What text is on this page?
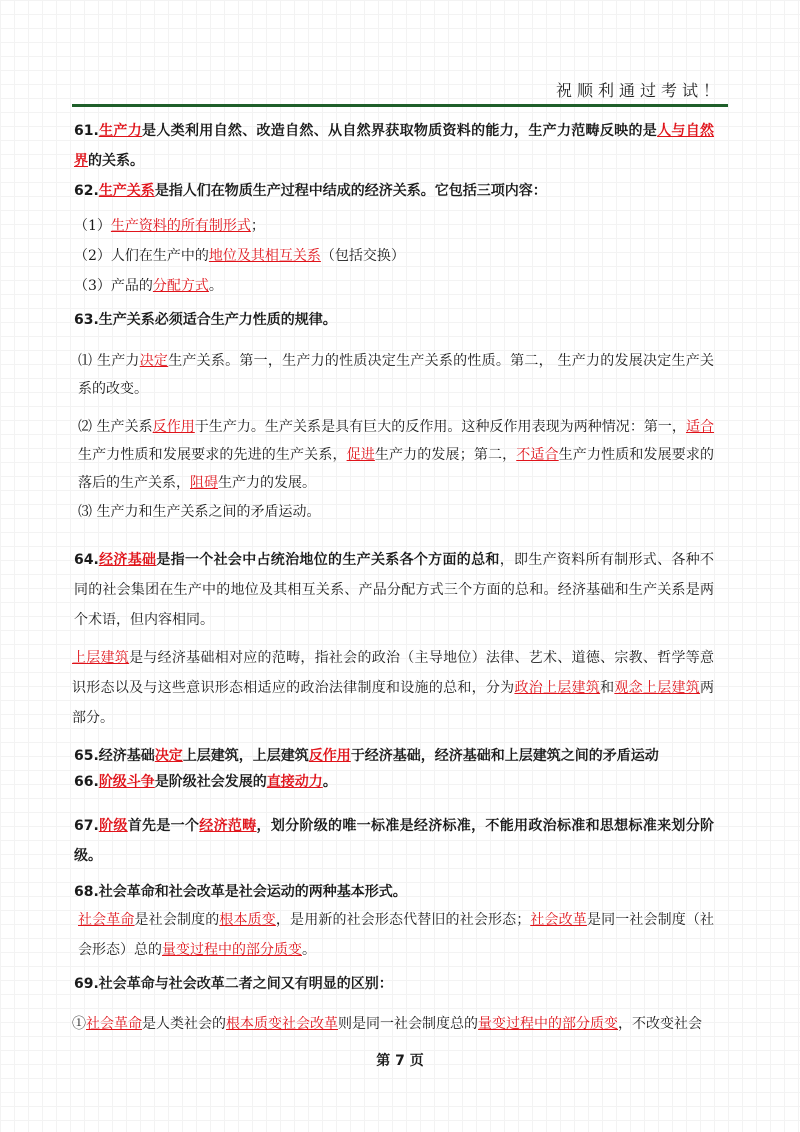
祝顺利通过考试！

61.生产力是人类利用自然、改造自然、从自然界获取物质资料的能力，生产力范畴反映的是人与自然界的关系。

62.生产关系是指人们在物质生产过程中结成的经济关系。它包括三项内容：

（1）生产资料的所有制形式；

（2）人们在生产中的地位及其相互关系（包括交换）

（3）产品的分配方式。

63.生产关系必须适合生产力性质的规律。

⑴ 生产力决定生产关系。第一，生产力的性质决定生产关系的性质。第二， 生产力的发展决定生产关系的改变。

⑵ 生产关系反作用于生产力。生产关系是具有巨大的反作用。这种反作用表现为两种情况：第一，适合生产力性质和发展要求的先进的生产关系，促进生产力的发展；第二，不适合生产力性质和发展要求的落后的生产关系，阻碍生产力的发展。

⑶ 生产力和生产关系之间的矛盾运动。

64.经济基础是指一个社会中占统治地位的生产关系各个方面的总和，即生产资料所有制形式、各种不同的社会集团在生产中的地位及其相互关系、产品分配方式三个方面的总和。经济基础和生产关系是两个术语，但内容相同。

上层建筑是与经济基础相对应的范畴，指社会的政治（主导地位）法律、艺术、道德、宗教、哲学等意识形态以及与这些意识形态相适应的政治法律制度和设施的总和，分为政治上层建筑和观念上层建筑两部分。

65.经济基础决定上层建筑，上层建筑反作用于经济基础，经济基础和上层建筑之间的矛盾运动

66.阶级斗争是阶级社会发展的直接动力。

67.阶级首先是一个经济范畴，划分阶级的唯一标准是经济标准，不能用政治标准和思想标准来划分阶级。

68.社会革命和社会改革是社会运动的两种基本形式。

社会革命是社会制度的根本质变，是用新的社会形态代替旧的社会形态；社会改革是同一社会制度（社会形态）总的量变过程中的部分质变。

69.社会革命与社会改革二者之间又有明显的区别：

①社会革命是人类社会的根本质变社会改革则是同一社会制度总的量变过程中的部分质变，不改变社会

第 7 页
